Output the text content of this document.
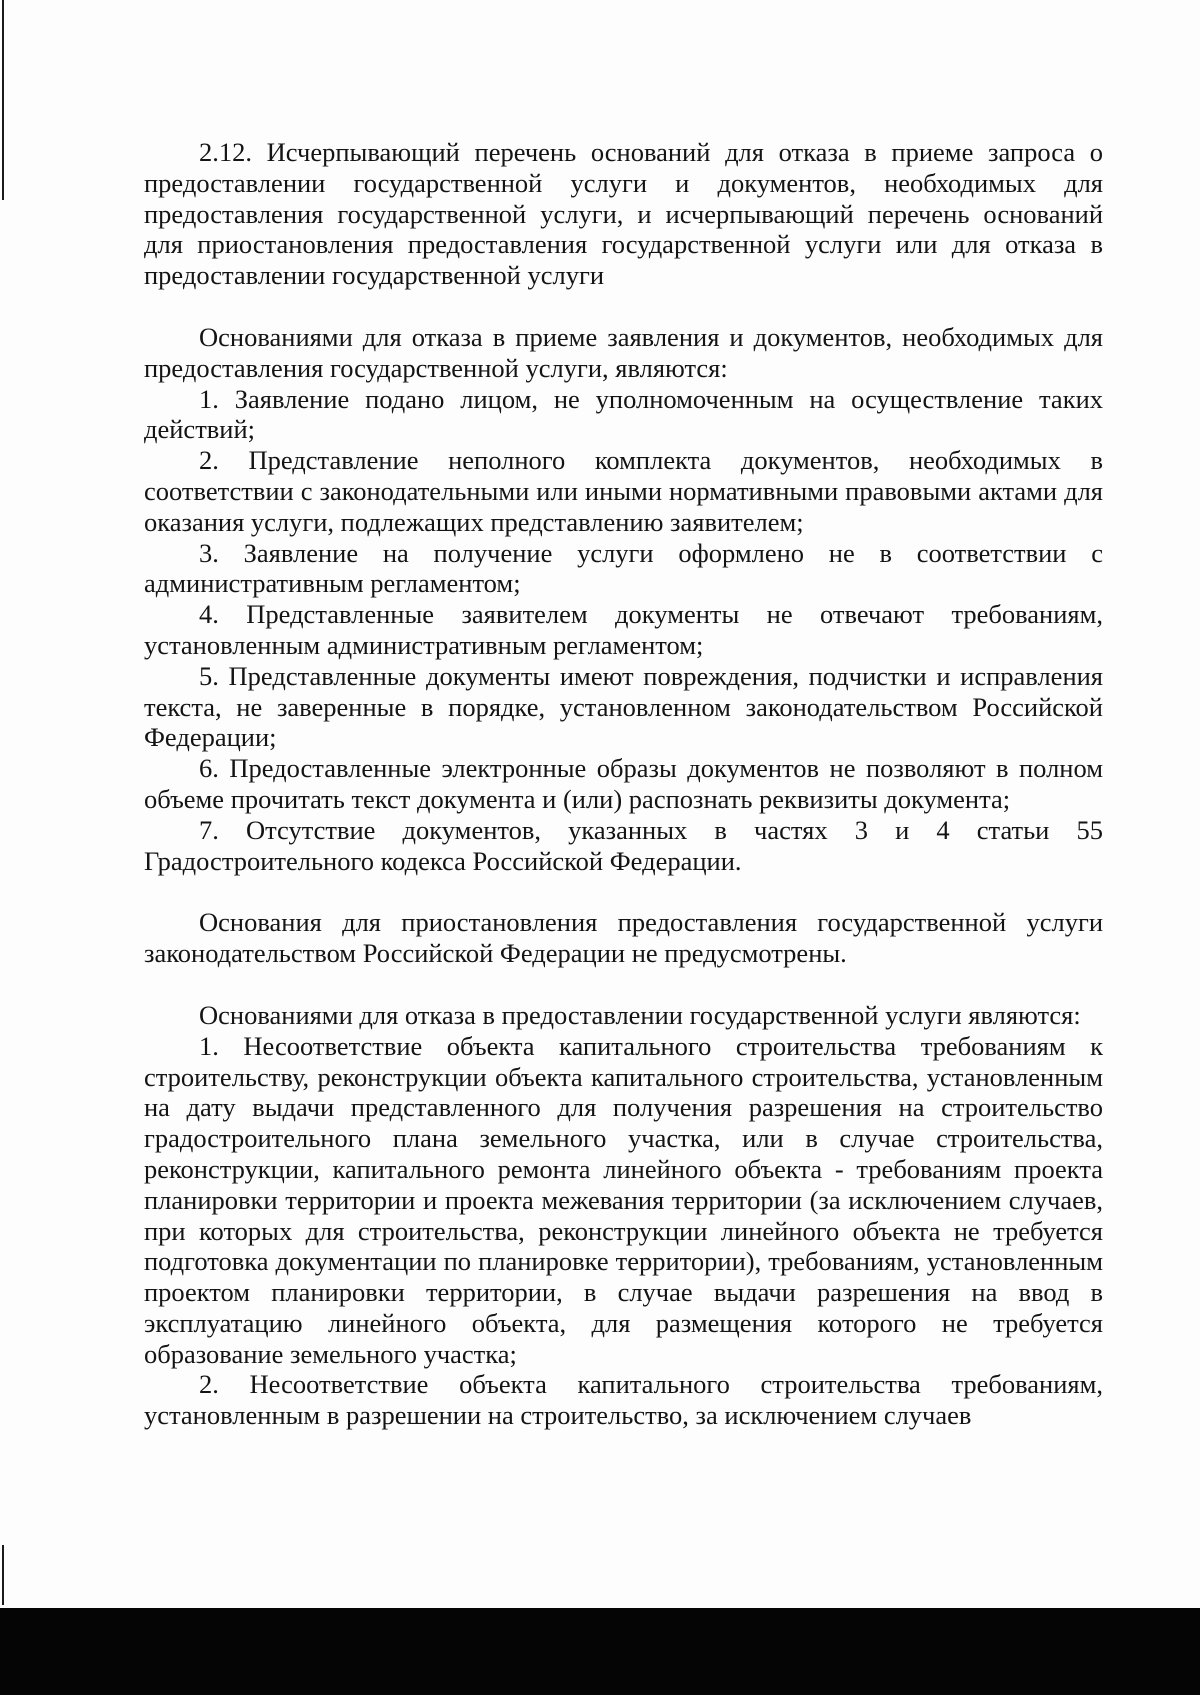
2.12. Исчерпывающий перечень оснований для отказа в приеме запроса о предоставлении государственной услуги и документов, необходимых для предоставления государственной услуги, и исчерпывающий перечень оснований для приостановления предоставления государственной услуги или для отказа в предоставлении государственной услуги

Основаниями для отказа в приеме заявления и документов, необходимых для предоставления государственной услуги, являются:

1. Заявление подано лицом, не уполномоченным на осуществление таких действий;

2. Представление неполного комплекта документов, необходимых в соответствии с законодательными или иными нормативными правовыми актами для оказания услуги, подлежащих представлению заявителем;

3. Заявление на получение услуги оформлено не в соответствии с административным регламентом;

4. Представленные заявителем документы не отвечают требованиям, установленным административным регламентом;

5. Представленные документы имеют повреждения, подчистки и исправления текста, не заверенные в порядке, установленном законодательством Российской Федерации;

6. Предоставленные электронные образы документов не позволяют в полном объеме прочитать текст документа и (или) распознать реквизиты документа;

7. Отсутствие документов, указанных в частях 3 и 4 статьи 55 Градостроительного кодекса Российской Федерации.

Основания для приостановления предоставления государственной услуги законодательством Российской Федерации не предусмотрены.

Основаниями для отказа в предоставлении государственной услуги являются:

1. Несоответствие объекта капитального строительства требованиям к строительству, реконструкции объекта капитального строительства, установленным на дату выдачи представленного для получения разрешения на строительство градостроительного плана земельного участка, или в случае строительства, реконструкции, капитального ремонта линейного объекта - требованиям проекта планировки территории и проекта межевания территории (за исключением случаев, при которых для строительства, реконструкции линейного объекта не требуется подготовка документации по планировке территории), требованиям, установленным проектом планировки территории, в случае выдачи разрешения на ввод в эксплуатацию линейного объекта, для размещения которого не требуется образование земельного участка;

2. Несоответствие объекта капитального строительства требованиям, установленным в разрешении на строительство, за исключением случаев
